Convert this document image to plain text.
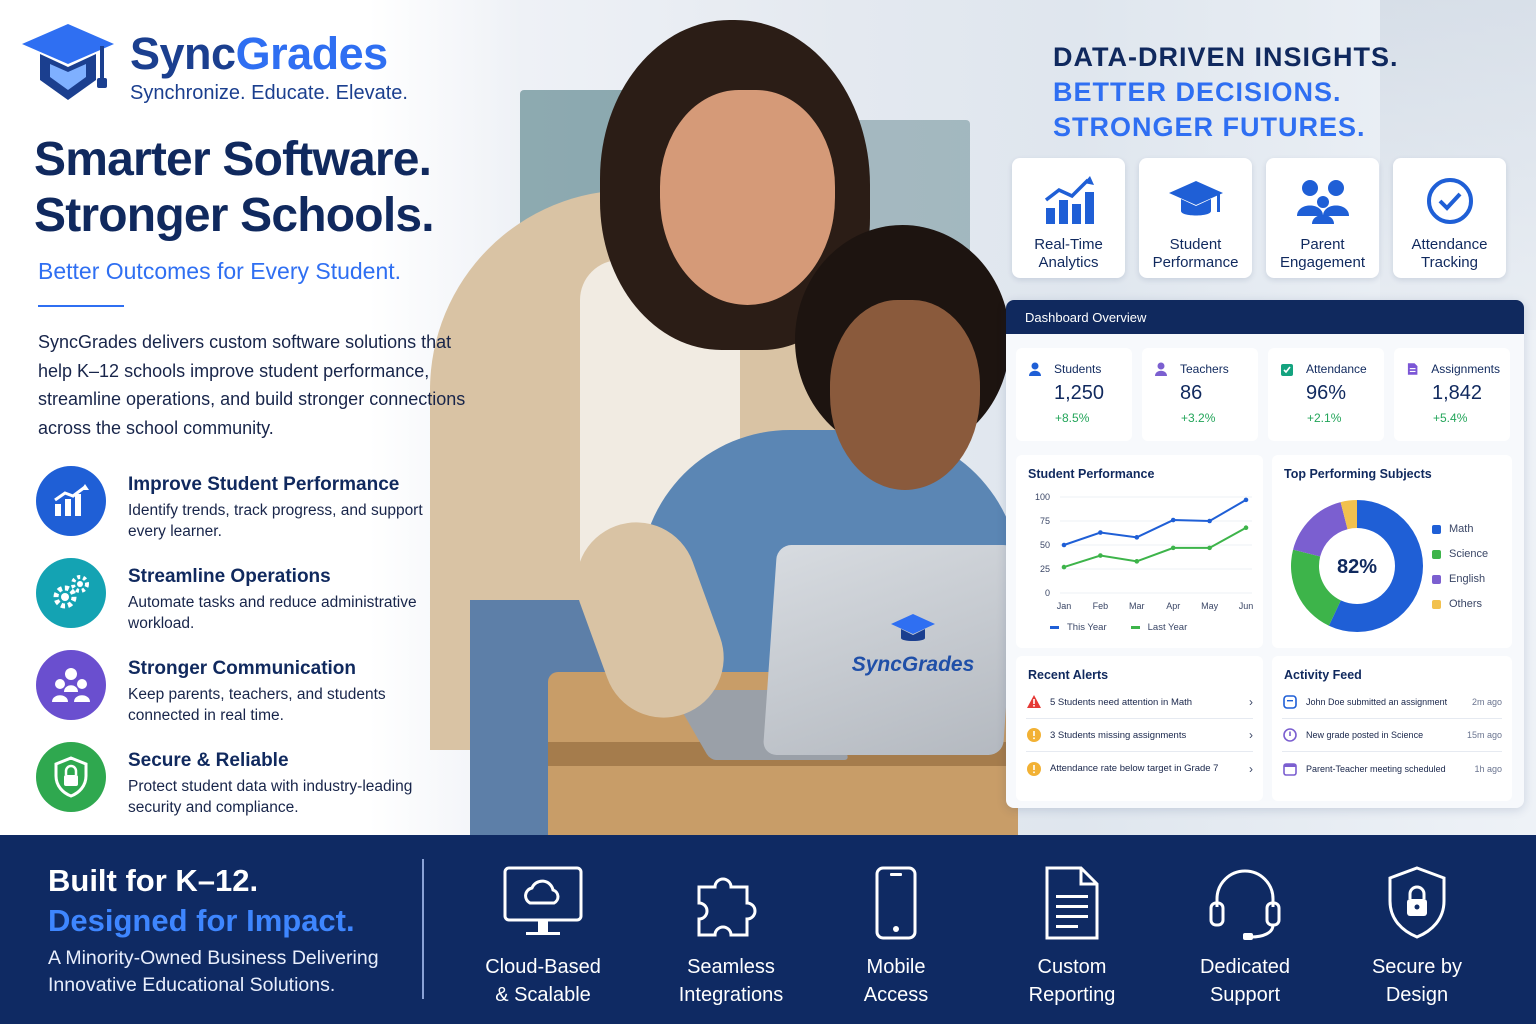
SyncGrades
SyncGrades
Synchronize. Educate. Elevate.
Smarter Software.
Stronger Schools.
Better Outcomes for Every Student.
SyncGrades delivers custom software solutions that help K–12 schools improve student performance, streamline operations, and build stronger connections across the school community.
Improve Student Performance
Identify trends, track progress, and support every learner.
Streamline Operations
Automate tasks and reduce administrative workload.
Stronger Communication
Keep parents, teachers, and students connected in real time.
Secure & Reliable
Protect student data with industry-leading security and compliance.
DATA-DRIVEN INSIGHTS.
BETTER DECISIONS.
STRONGER FUTURES.
Real-Time
Analytics
Student
Performance
Parent
Engagement
Attendance
Tracking
Dashboard Overview
Students
1,250
+8.5%
Teachers
86
+3.2%
Attendance
96%
+2.1%
Assignments
1,842
+5.4%
Student Performance
0
25
50
75
100
Jan Feb Mar Apr May Jun
This Year	Last Year
Top Performing Subjects
82%
Math
Science
English
Others
Recent Alerts
5 Students need attention in Math	›
3 Students missing assignments	›
Attendance rate below target in Grade 7	›
Activity Feed
John Doe submitted an assignment	2m ago
New grade posted in Science	15m ago
Parent-Teacher meeting scheduled	1h ago
Built for K–12.
Designed for Impact.
A Minority-Owned Business Delivering Innovative Educational Solutions.
Cloud-Based
& Scalable
Seamless
Integrations
Mobile
Access
Custom
Reporting
Dedicated
Support
Secure by
Design
